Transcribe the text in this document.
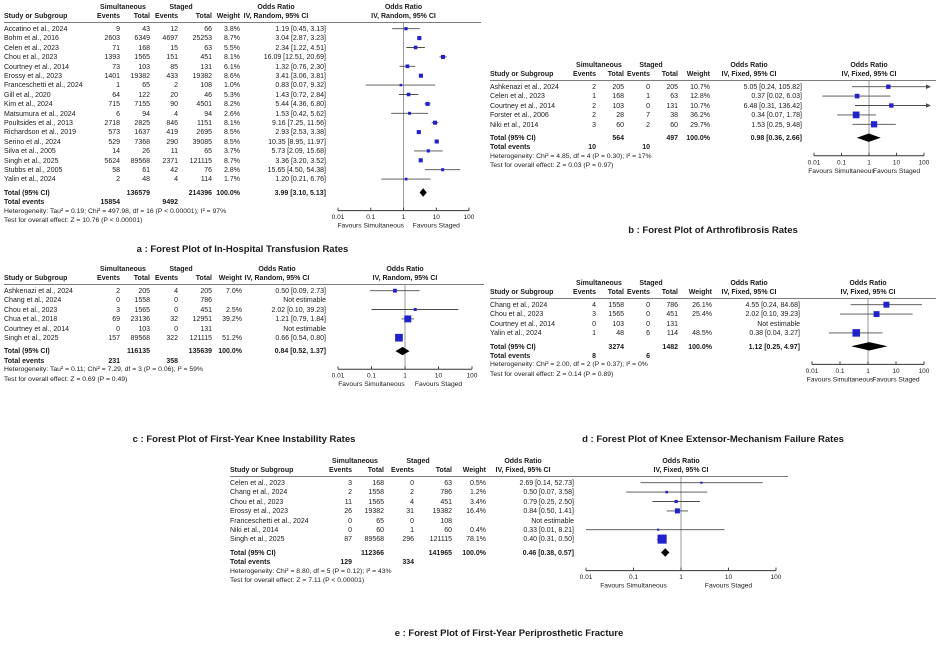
Simultaneous	Staged	Odds Ratio	Odds Ratio
Study or Subgroup	Events	Total Events	Total Weight IV, Random, 95% CI	IV, Random, 95% CI
Accatino et al., 2024	9	43	12	66	3.8%	1.19 [0.45, 3.13]
Bohm et al., 2016	2603	6349	4697	25253	8.7%	3.04 [2.87, 3.23]
Celen et al., 2023	71	168	15	63	5.5%	2.34 [1.22, 4.51]
Chou et al., 2023	1393	1565	151	451	8.1%	16.09 [12.51, 20.69]
Courtney et al., 2014	73	103	85	131	6.1%	1.32 [0.76, 2.30]
Erossy et al., 2023	1401	19382	433	19382	8.6%	3.41 [3.06, 3.81]
Franceschetti et al., 2024	1	65	2	108	1.0%	0.83 [0.07, 9.32]
Gill et al., 2020	64	122	20	46	5.3%	1.43 [0.72, 2.84]
Kim et al., 2024	715	7155	90	4501	8.2%	5.44 [4.36, 6.80]
Matsumura et al., 2024	6	94	4	94	2.6%	1.53 [0.42, 5.62]
Poultsides et al., 2013	2718	2825	846	1151	8.1%	9.16 [7.25, 11.56]
Richardson et al., 2019	573	1637	419	2695	8.5%	2.93 [2.53, 3.38]
Serino et al., 2024	529	7368	290	39085	8.5%	10.35 [8.95, 11.97]
Silva et al., 2005	14	26	11	65	3.7%	5.73 [2.09, 15.68]
Singh et al., 2025	5624	89568	2371	121115	8.7%	3.36 [3.20, 3.52]
Stubbs et al., 2005	58	61	42	76	2.8%	15.65 [4.50, 54.38]
Yalin et al., 2024	2	48	4	114	1.7%	1.20 [0.21, 6.76]
Total (95% CI)	136579	214396 100.0%	3.99 [3.10, 5.13]
Total events	15854	9492
Heterogeneity: Tau² = 0.19; Chi² = 497.98, df = 16 (P < 0.00001); I² = 97%
Test for overall effect: Z = 10.76 (P < 0.00001)	0.01	0.1	1	10	100
Favours Simultaneous Favours Staged
a : Forest Plot of In-Hospital Transfusion Rates
Simultaneous	Staged	Odds Ratio	Odds Ratio
Study or Subgroup	Events	Total Events	Total	Weight	IV, Fixed, 95% CI	IV, Fixed, 95% CI
Ashkenazi et al., 2024	2	205	0	205	10.7%	5.05 [0.24, 105.82]
Celen et al., 2023	1	168	1	63	12.8%	0.37 [0.02, 6.03]
Courtney et al., 2014	2	103	0	131	10.7%	6.48 [0.31, 136.42]
Forster et al., 2006	2	28	7	38	36.2%	0.34 [0.07, 1.78]
Niki et al., 2014	3	60	2	60	29.7%	1.53 [0.25, 9.48]
Total (95% CI)	564	497	100.0%	0.98 [0.36, 2.66]
Total events	10	10
Heterogeneity: Chi² = 4.85, df = 4 (P = 0.30); I² = 17%
Test for overall effect: Z = 0.03 (P = 0.97)	0.01	0.1	1	10	100
Favours Simultaneous
Favours Staged
b : Forest Plot of Arthrofibrosis Rates
Simultaneous	Staged	Odds Ratio	Odds Ratio
Study or Subgroup	Events	Total Events	Total Weight IV, Random, 95% CI	IV, Random, 95% CI
Ashkenazi et al., 2024	2	205	4	205	7.0%	0.50 [0.09, 2.73]
Chang et al., 2024	0	1558	0	786	Not estimable
Chou et al., 2023	3	1565	0	451	2.5%	2.02 [0.10, 39.23]
Chua et al., 2018	69	23136	32	12951	39.2%	1.21 [0.79, 1.84]
Courtney et al., 2014	0	103	0	131	Not estimable
Singh et al., 2025	157	89568	322	121115	51.2%	0.66 [0.54, 0.80]
Total (95% CI)	116135	135639 100.0%	0.84 [0.52, 1.37]
Total events	231	358
Heterogeneity: Tau² = 0.11; Chi² = 7.29, df = 3 (P = 0.06); I² = 59%
Test for overall effect: Z = 0.69 (P = 0.49)	0.01	0.1	1	10	100
Favours Simultaneous Favours Staged
c : Forest Plot of First-Year Knee Instability Rates
Simultaneous	Staged	Odds Ratio	Odds Ratio
Study or Subgroup	Events	Total Events	Total	Weight	IV, Fixed, 95% CI	IV, Fixed, 95% CI
Chang et al., 2024	4	1558	0	786	26.1%	4.55 [0.24, 84.68]
Chou et al., 2023	3	1565	0	451	25.4%	2.02 [0.10, 39.23]
Courtney et al., 2014	0	103	0	131	Not estimable
Yalin et al., 2024	1	48	6	114	48.5%	0.38 [0.04, 3.27]
Total (95% CI)	3274	1482	100.0%	1.12 [0.25, 4.97]
Total events	8	6
Heterogeneity: Chi² = 2.00, df = 2 (P = 0.37); I² = 0%
Test for overall effect: Z = 0.14 (P = 0.89)	0.01	0.1	1	10	100
Favours Simultaneous Favours Staged
d : Forest Plot of Knee Extensor-Mechanism Failure Rates
Simultaneous	Staged	Odds Ratio	Odds Ratio
Study or Subgroup	Events	Total	Events	Total	Weight	IV, Fixed, 95% CI	IV, Fixed, 95% CI
Celen et al., 2023	3	168	0	63	0.5%	2.69 [0.14, 52.73]
Chang et al., 2024	2	1558	2	786	1.2%	0.50 [0.07, 3.58]
Chou et al., 2023	11	1565	4	451	3.4%	0.79 [0.25, 2.50]
Erossy et al., 2023	26	19382	31	19382	16.4%	0.84 [0.50, 1.41]
Franceschetti et al., 2024	0	65	0	108	Not estimable
Niki et al., 2014	0	60	1	60	0.4%	0.33 [0.01, 8.21]
Singh et al., 2025	87	89568	296	121115	78.1%	0.40 [0.31, 0.50]
Total (95% CI)	112366	141965	100.0%	0.46 [0.38, 0.57]
Total events	129	334
Heterogeneity: Chi² = 8.80, df = 5 (P = 0.12); I² = 43%
Test for overall effect: Z = 7.11 (P < 0.00001)	0.01	0.1	1	10	100
Favours Simultaneous	Favours Staged
e : Forest Plot of First-Year Periprosthetic Fracture
